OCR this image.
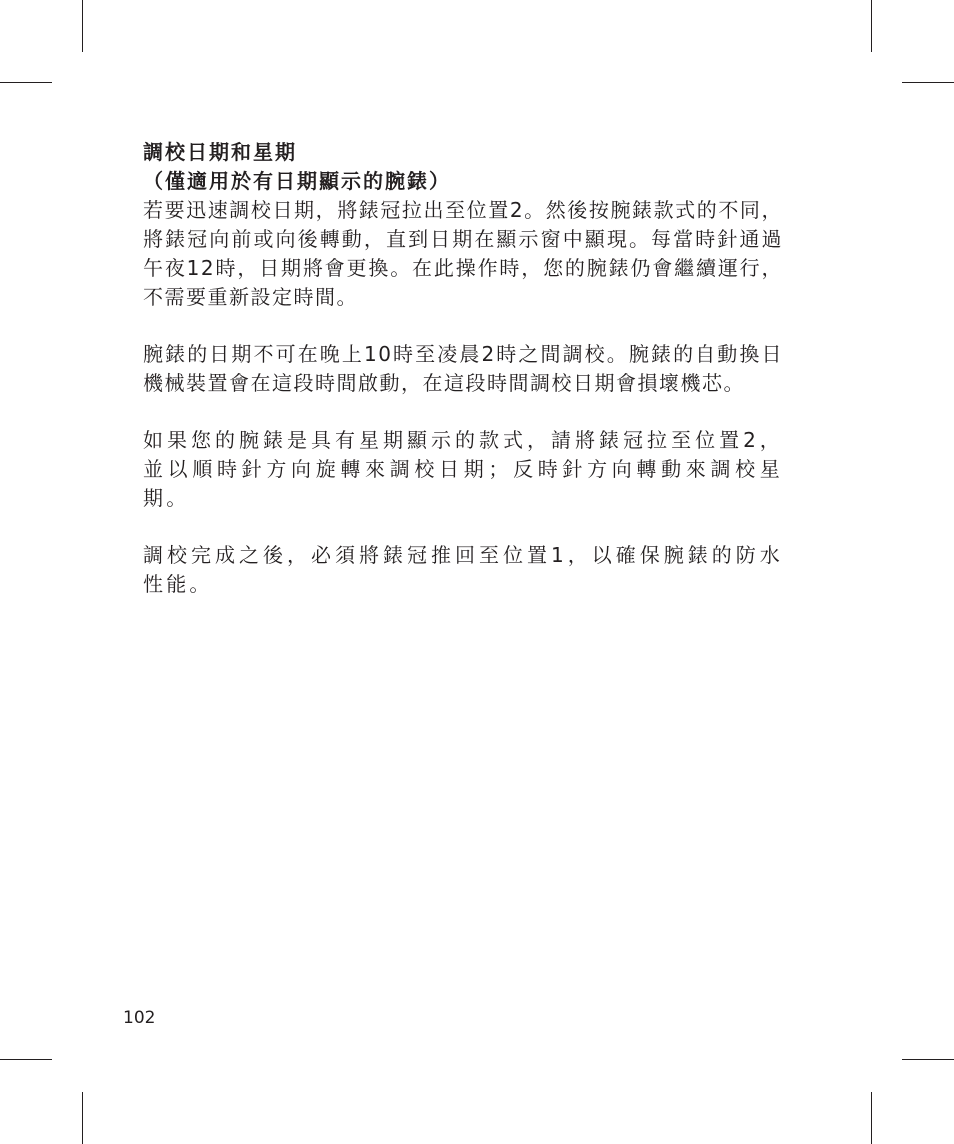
調校日期和星期

（僅適用於有日期顯示的腕錶）

若要迅速調校日期，將錶冠拉出至位置2。然後按腕錶款式的不同，將錶冠向前或向後轉動，直到日期在顯示窗中顯現。每當時針通過午夜12時，日期將會更換。在此操作時，您的腕錶仍會繼續運行，不需要重新設定時間。

腕錶的日期不可在晚上10時至凌晨2時之間調校。腕錶的自動換日機械裝置會在這段時間啟動，在這段時間調校日期會損壞機芯。

如果您的腕錶是具有星期顯示的款式，請將錶冠拉至位置2，並以順時針方向旋轉來調校日期；反時針方向轉動來調校星期。

調校完成之後，必須將錶冠推回至位置1，以確保腕錶的防水性能。

102
